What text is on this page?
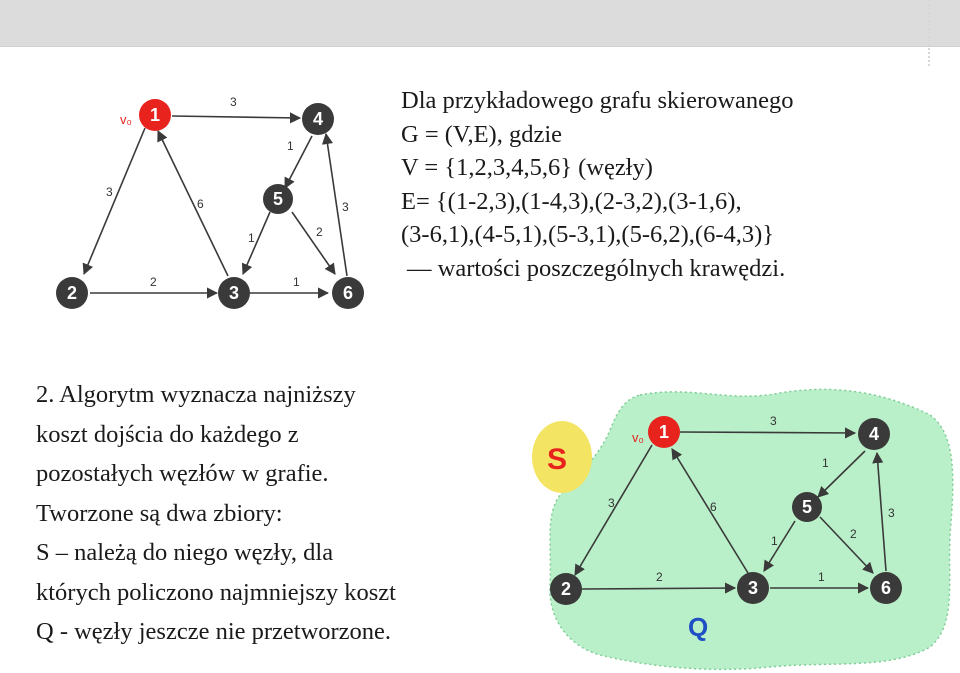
3
3
6
2	1
1
1	2
3
v₀ 1	4
5
2	3	6
Dla przykładowego grafu skierowanego
G = (V,E), gdzie
V = {1,2,3,4,5,6} (węzły)
E= {(1-2,3),(1-4,3),(2-3,2),(3-1,6),
(3-6,1),(4-5,1),(5-3,1),(5-6,2),(6-4,3)}
— wartości poszczególnych krawędzi.
2. Algorytm wyznacza najniższy
koszt dojścia do każdego z
pozostałych węzłów w grafie.
Tworzone są dwa zbiory:
S – należą do niego węzły, dla
których policzono najmniejszy koszt
Q - węzły jeszcze nie przetworzone.
S
Q
3
3	6
2	1
1
1	2
3
v₀ 1	4
5
2	3	6
